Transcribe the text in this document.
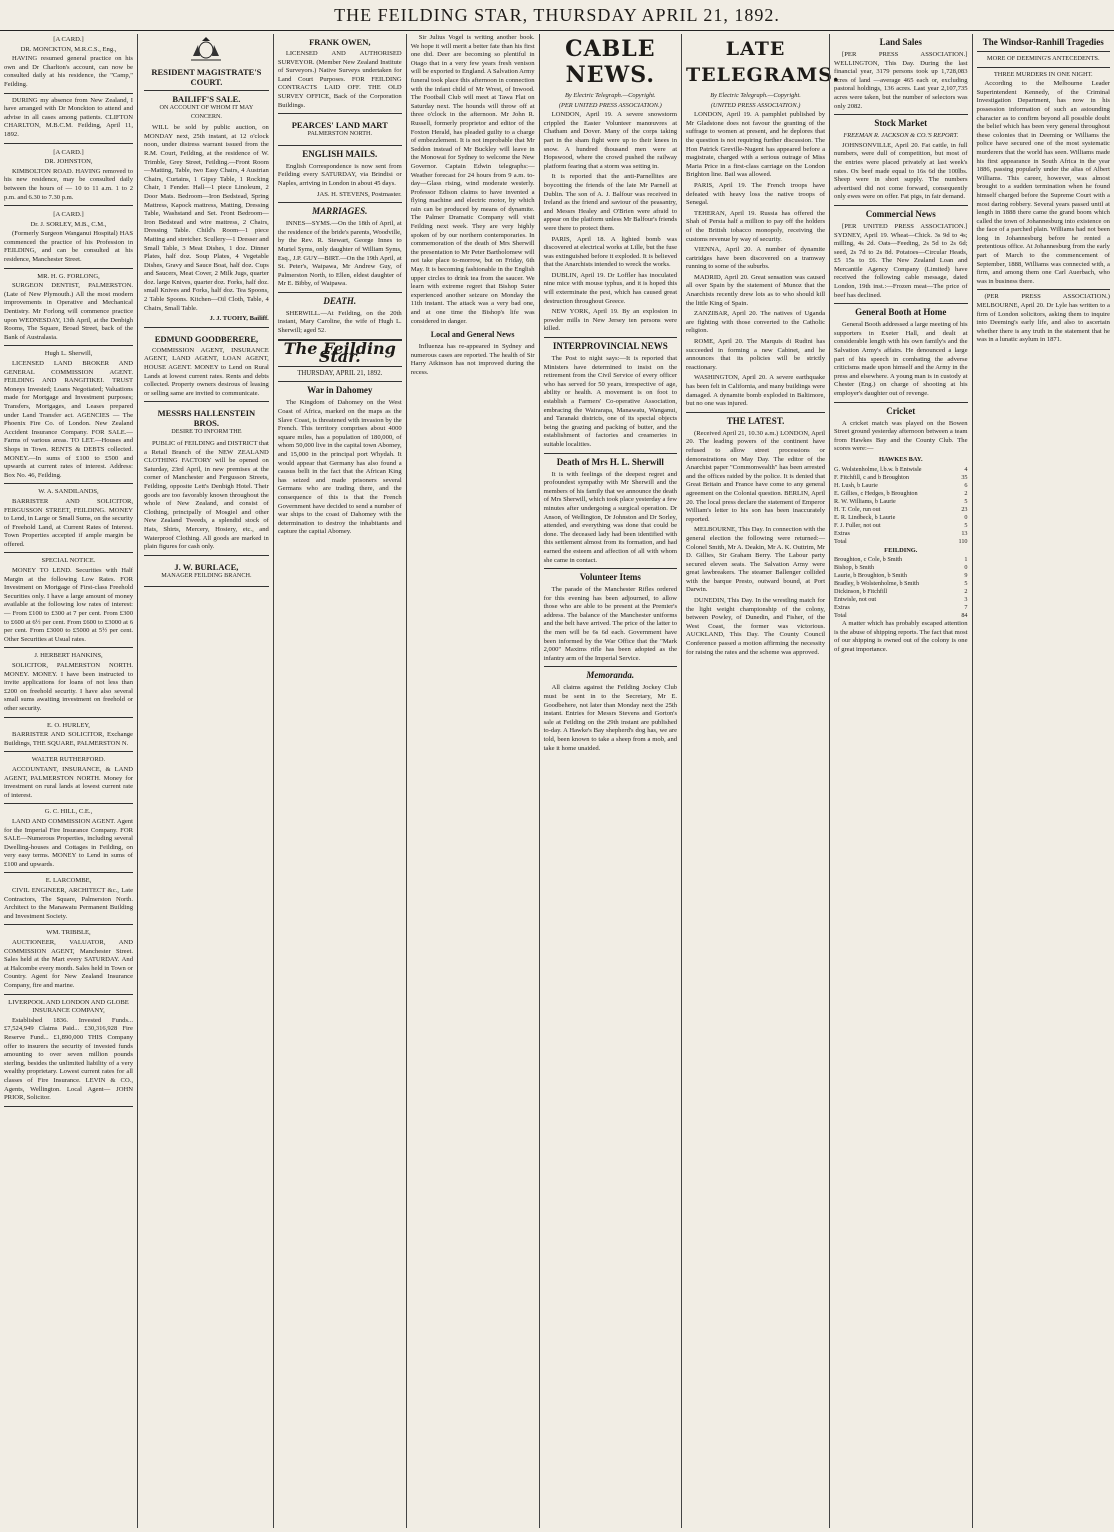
THE FEILDING STAR, THURSDAY APRIL 21, 1892.
[A CARD.]
DR. MONCKTON, M.R.C.S., Eng.,

HAVING resumed general practice on his own and Dr Charlton's account, can now be consulted daily at his residence, the "Camp," Feilding.

DURING my absence from New Zealand, I have arranged with Dr Monckton to attend and advise in all cases among patients. CLIFTON CHARLTON, M.B.C.M. Feilding, April 11, 1892.

[A CARD.]
DR. JOHNSTON,

KIMBOLTON ROAD. HAVING removed to his new residence, may be consulted daily between the hours of — 10 to 11 a.m. 1 to 2 p.m. and 6.30 to 7.30 p.m.

[A CARD.]
Dr. J. SORLEY, M.B., C.M.,

(Formerly Surgeon Wanganui Hospital) HAS commenced the practice of his Profession in FEILDING, and can be consulted at his residence, Manchester Street.

MR. H. G. FORLONG,

SURGEON DENTIST, PALMERSTON. (Late of New Plymouth.) All the most modern improvements in Operative and Mechanical Dentistry. Mr Forlong will commence practice upon WEDNESDAY, 13th April, at the Denbigh Rooms, The Square, Broad Street, back of the Bank of Australasia.

Hugh L. Sherwill,

LICENSED LAND BROKER AND GENERAL COMMISSION AGENT. FEILDING AND RANGITIKEI. TRUST Moneys Invested; Loans Negotiated; Valuations made for Mortgage and Investment purposes; Transfers, Mortgages, and Leases prepared under Land Transfer act. AGENCIES — The Phoenix Fire Co. of London. New Zealand Accident Insurance Company. FOR SALE.—Farms of various areas. TO LET.—Houses and Shops in Town. RENTS & DEBTS collected. MONEY.—In sums of £100 to £500 and upwards at current rates of interest. Address: Box No. 46, Feilding.

W. A. SANDILANDS,

BARRISTER AND SOLICITOR, FERGUSSON STREET, FEILDING. MONEY to Lend, in Large or Small Sums, on the security of Freehold Land, at Current Rates of Interest. Town Properties accepted if ample margin be offered.

SPECIAL NOTICE.

MONEY TO LEND. Securities with Half Margin at the following Low Rates. FOR Investment on Mortgage of First-class Freehold Securities only. I have a large amount of money available at the following low rates of interest:— From £100 to £300 at 7 per cent. From £300 to £600 at 6½ per cent. From £600 to £3000 at 6 per cent. From £3000 to £5000 at 5½ per cent. Other Securities at Usual rates.

J. HERBERT HANKINS,

SOLICITOR, PALMERSTON NORTH. MONEY. MONEY. I have been instructed to invite applications for loans of not less than £200 on freehold security. I have also several small sums awaiting investment on freehold or other security.

E. O. HURLEY,

BARRISTER AND SOLICITOR, Exchange Buildings, THE SQUARE, PALMERSTON N.

WALTER RUTHERFORD.

ACCOUNTANT, INSURANCE, & LAND AGENT, PALMERSTON NORTH. Money for investment on rural lands at lowest current rate of interest.

G. C. HILL, C.E.,

LAND AND COMMISSION AGENT. Agent for the Imperial Fire Insurance Company. FOR SALE—Numerous Properties, including several Dwelling-houses and Cottages in Feilding, on very easy terms. MONEY to Lend in sums of £100 and upwards.

E. LARCOMBE,

CIVIL ENGINEER, ARCHITECT &c., Late Contractors, The Square, Palmerston North. Architect to the Manawatu Permanent Building and Investment Society.

WM. TRIBBLE,

AUCTIONEER, VALUATOR, AND COMMISSION AGENT, Manchester Street. Sales held at the Mart every SATURDAY. And at Halcombe every month. Sales held in Town or Country. Agent for New Zealand Insurance Company, fire and marine.

LIVERPOOL AND LONDON AND GLOBE INSURANCE COMPANY,

Established 1836. Invested Funds... £7,524,949 Claims Paid... £30,316,928 Fire Reserve Fund... £1,890,000 THIS Company offer to insurers the security of invested funds amounting to over seven million pounds sterling, besides the unlimited liability of a very wealthy proprietary. Lowest current rates for all classes of Fire Insurance. LEVIN & CO., Agents, Wellington. Local Agent— JOHN PRIOR, Solicitor.

RESIDENT MAGISTRATE'S COURT.
BAILIFF'S SALE.
ON ACCOUNT OF WHOM IT MAY CONCERN.

WILL be sold by public auction, on MONDAY next, 25th instant, at 12 o'clock noon, under distress warrant issued from the R.M. Court, Feilding, at the residence of W. Trimble, Grey Street, Feilding.—Front Room—Matting, Table, two Easy Chairs, 4 Austrian Chairs, Curtains, 1 Gipsy Table, 1 Rocking Chair, 1 Fender. Hall—1 piece Linoleum, 2 Door Mats. Bedroom—Iron Bedstead, Spring Mattress, Kapock mattress, Matting, Dressing Table, Washstand and Set. Front Bedroom—Iron Bedstead and wire mattress, 2 Chairs, Dressing Table. Child's Room—1 piece Matting and stretcher. Scullery—1 Dresser and Small Table, 3 Meat Dishes, 1 doz. Dinner Plates, half doz. Soup Plates, 4 Vegetable Dishes, Gravy and Sauce Boat, half doz. Cups and Saucers, Meat Cover, 2 Milk Jugs, quarter doz. large Knives, quarter doz. Forks, half doz. small Knives and Forks, half doz. Tea Spoons, 2 Table Spoons. Kitchen—Oil Cloth, Table, 4 Chairs, Small Table.

J. J. TUOHY, Bailiff.
EDMUND GOODBERERE,

COMMISSION AGENT, INSURANCE AGENT, LAND AGENT, LOAN AGENT, HOUSE AGENT. MONEY to Lend on Rural Lands at lowest current rates. Rents and debts collected. Property owners desirous of leasing or selling same are invited to communicate.

MESSRS HALLENSTEIN BROS.
DESIRE TO INFORM THE

PUBLIC of FEILDING and DISTRICT that a Retail Branch of the NEW ZEALAND CLOTHING FACTORY will be opened on Saturday, 23rd April, in new premises at the corner of Manchester and Fergusson Streets, Feilding, opposite Lett's Denbigh Hotel. Their goods are too favorably known throughout the whole of New Zealand, and consist of Clothing, principally of Mosgiel and other New Zealand Tweeds, a splendid stock of Hats, Shirts, Mercery, Hosiery, etc., and Waterproof Clothing. All goods are marked in plain figures for cash only.

J. W. BURLACE,
MANAGER FEILDING BRANCH.
FRANK OWEN,

LICENSED AND AUTHORISED SURVEYOR. (Member New Zealand Institute of Surveyors.) Native Surveys undertaken for Land Court Purposes. FOR FEILDING CONTRACTS LAID OFF. THE OLD SURVEY OFFICE, Back of the Corporation Buildings.

PEARCES' LAND MART
PALMERSTON NORTH.
ENGLISH MAILS.

English Correspondence is now sent from Feilding every SATURDAY, via Brindisi or Naples, arriving in London in about 45 days.

JAS. H. STEVENS, Postmaster.
MARRIAGES.

INNES—SYMS.—On the 18th of April, at the residence of the bride's parents, Woodville, by the Rev. R. Stewart, George Innes to Muriel Syms, only daughter of William Syms, Esq., J.P. GUY—BIRT.—On the 19th April, at St. Peter's, Waipawa, Mr Andrew Guy, of Palmerston North, to Ellen, eldest daughter of Mr E. Bibby, of Waipawa.

DEATH.

SHERWILL.—At Feilding, on the 20th instant, Mary Caroline, the wife of Hugh L. Sherwill; aged 52.

The Feilding Star.
THURSDAY, APRIL 21, 1892.
War in Dahomey

The Kingdom of Dahomey on the West Coast of Africa, marked on the maps as the Slave Coast, is threatened with invasion by the French. This territory comprises about 4000 square miles, has a population of 180,000, of whom 50,000 live in the capital town Abomey, and 15,000 in the principal port Whydah. It would appear that Germany has also found a causus belli in the fact that the African King has seized and made prisoners several Germans who are trading there, and the consequence of this is that the French Government have decided to send a number of war ships to the coast of Dahomey with the determination to destroy the inhabitants and capture the capital Abomey.

Sir Julius Vogel is writing another book. We hope it will merit a better fate than his first one did. Deer are becoming so plentiful in Otago that in a very few years fresh venison will be exported to England. A Salvation Army funeral took place this afternoon in connection with the infant child of Mr Wrest, of Inwood. The Football Club will meet at Tawa Flat on Saturday next. The hounds will throw off at three o'clock in the afternoon. Mr John R. Russell, formerly proprietor and editor of the Foxton Herald, has pleaded guilty to a charge of embezzlement. It is not improbable that Mr Seddon instead of Mr Buckley will leave in the Monowai for Sydney to welcome the New Governor. Captain Edwin telegraphs:—Weather forecast for 24 hours from 9 a.m. to-day—Glass rising, wind moderate westerly. Professor Edison claims to have invented a flying machine and electric motor, by which rain can be produced by means of dynamite. The Palmer Dramatic Company will visit Feilding next week. They are very highly spoken of by our northern contemporaries. In commemoration of the death of Mrs Sherwill the presentation to Mr Peter Bartholomew will not take place to-morrow, but on Friday, 6th May. It is becoming fashionable in the English upper circles to drink tea from the saucer. We learn with extreme regret that Bishop Suter experienced another seizure on Monday the 11th instant. The attack was a very bad one, and at one time the Bishop's life was considered in danger.

Local and General News

Influenza has re-appeared in Sydney and numerous cases are reported. The health of Sir Harry Atkinson has not improved during the recess.

CABLE NEWS.
By Electric Telegraph.—Copyright.
(PER UNITED PRESS ASSOCIATION.)

LONDON, April 19. A severe snowstorm crippled the Easter Volunteer manœuvres at Chatham and Dover. Many of the corps taking part in the sham fight were up to their knees in snow. A hundred thousand men were at Hopswood, where the crowd pushed the railway platform fearing that a storm was setting in.

It is reported that the anti-Parnellites are boycotting the friends of the late Mr Parnell at Dublin. The son of A. J. Balfour was received in Ireland as the friend and saviour of the peasantry, and Messrs Healey and O'Brien were afraid to appear on the platform unless Mr Balfour's friends were there to protect them.

PARIS, April 18. A lighted bomb was discovered at electrical works at Lille, but the fuse was extinguished before it exploded. It is believed that the Anarchists intended to wreck the works.

DUBLIN, April 19. Dr Loffler has inoculated nine mice with mouse typhus, and it is hoped this will exterminate the pest, which has caused great destruction throughout Greece.

NEW YORK, April 19. By an explosion in powder mills in New Jersey ten persons were killed.

INTERPROVINCIAL NEWS

The Post to night says:—It is reported that Ministers have determined to insist on the retirement from the Civil Service of every officer who has served for 50 years, irrespective of age, ability or health. A movement is on foot to establish a Farmers' Co-operative Association, embracing the Wairarapa, Manawatu, Wanganui, and Taranaki districts, one of its special objects being the grazing and packing of butter, and the establishment of factories and creameries in suitable localities.

Death of Mrs H. L. Sherwill

It is with feelings of the deepest regret and profoundest sympathy with Mr Sherwill and the members of his family that we announce the death of Mrs Sherwill, which took place yesterday a few minutes after undergoing a surgical operation. Dr Anson, of Wellington, Dr Johnston and Dr Sorley, attended, and everything was done that could be done. The deceased lady had been identified with this settlement almost from its formation, and had earned the esteem and affection of all with whom she came in contact.

Volunteer Items

The parade of the Manchester Rifles ordered for this evening has been adjourned, to allow those who are able to be present at the Premier's address. The balance of the Manchester uniforms and the belt have arrived. The price of the latter to the men will be 6s 6d each. Government have been informed by the War Office that the "Mark 2,000" Maxims rifle has been adopted as the infantry arm of the Imperial Service.

Memoranda.

All claims against the Feilding Jockey Club must be sent in to the Secretary, Mr E. Goodbehere, not later than Monday next the 25th instant. Entries for Messrs Stevens and Gorton's sale at Feilding on the 29th instant are published to-day. A Hawke's Bay shepherd's dog has, we are told, been known to take a sheep from a mob, and take it home unaided.

LATE TELEGRAMS.
By Electric Telegraph.—Copyright.
(UNITED PRESS ASSOCIATION.)

LONDON, April 19. A pamphlet published by Mr Gladstone does not favour the granting of the suffrage to women at present, and he deplores that the question is not requiring further discussion. The Hon Patrick Greville-Nugent has appeared before a magistrate, charged with a serious outrage of Miss Maria Price in a first-class carriage on the London Brighton line. Bail was allowed.

PARIS, April 19. The French troops have defeated with heavy loss the native troops of Senegal.

TEHERAN, April 19. Russia has offered the Shah of Persia half a million to pay off the holders of the British tobacco monopoly, receiving the customs revenue by way of security.

VIENNA, April 20. A number of dynamite cartridges have been discovered on a tramway running to some of the suburbs.

MADRID, April 20. Great sensation was caused all over Spain by the statement of Munoz that the Anarchists recently drew lots as to who should kill the little King of Spain.

ZANZIBAR, April 20. The natives of Uganda are fighting with those converted to the Catholic religion.

ROME, April 20. The Marquis di Rudini has succeeded in forming a new Cabinet, and he announces that its policies will be strictly reactionary.

WASHINGTON, April 20. A severe earthquake has been felt in California, and many buildings were damaged. A dynamite bomb exploded in Baltimore, but no one was injured.

THE LATEST.

(Received April 21, 10.30 a.m.) LONDON, April 20. The leading powers of the continent have refused to allow street processions or demonstrations on May Day. The editor of the Anarchist paper "Commonwealth" has been arrested and the offices raided by the police. It is denied that Great Britain and France have come to any general agreement on the Colonial question. BERLIN, April 20. The local press declare the statement of Emperor William's letter to his son has been inaccurately reported.

MELBOURNE, This Day. In connection with the general election the following were returned:—Colonel Smith, Mr A. Deakin, Mr A. K. Outtrim, Mr D. Gillies, Sir Graham Berry. The Labour party secured eleven seats. The Salvation Army were great lawbreakers. The steamer Ballenger collided with the barque Presto, outward bound, at Port Darwin.

DUNEDIN, This Day. In the wrestling match for the light weight championship of the colony, between Powley, of Dunedin, and Fisher, of the West Coast, the former was victorious. AUCKLAND, This Day. The County Council Conference passed a motion affirming the necessity for raising the rates and the scheme was approved.

Land Sales

[PER PRESS ASSOCIATION.] WELLINGTON, This Day. During the last financial year, 3179 persons took up 1,728,083 acres of land —average 465 each or, excluding pastoral holdings, 136 acres. Last year 2,107,735 acres were taken, but the number of selectors was only 2082.

Stock Market
FREEMAN R. JACKSON & CO.'S REPORT.

JOHNSONVILLE, April 20. Fat cattle, in full numbers, were dull of competition, but most of the entries were placed privately at last week's rates. Ox beef made equal to 16s 6d the 100lbs. Sheep were in short supply. The numbers advertised did not come forward, consequently only ewes were on offer. Fat pigs, in fair demand.

Commercial News

[PER UNITED PRESS ASSOCIATION.] SYDNEY, April 19. Wheat—Chick. 3s 9d to 4s; milling, 4s 2d. Oats—Feeding, 2s 5d to 2s 6d; seed, 2s 7d to 2s 8d. Potatoes—Circular Heads, £5 15s to £6. The New Zealand Loan and Mercantile Agency Company (Limited) have received the following cable message, dated London, 19th inst.:—Frozen meat—The price of beef has declined.

General Booth at Home

General Booth addressed a large meeting of his supporters in Exeter Hall, and dealt at considerable length with his own family's and the Salvation Army's affairs. He denounced a large part of his speech in combating the adverse criticisms made upon himself and the Army in the press and elsewhere. A young man is in custody at Chester (Eng.) on charge of shooting at his employer's daughter out of revenge.

Cricket

A cricket match was played on the Bowen Street ground yesterday afternoon between a team from Hawkes Bay and the County Club. The scores were:—

HAWKES BAY.
G. Wolstenholme, l.b.w. b Entwisle	4
F. Fitchfill, c and b Broughton	35
H. Lush, b Laurie	6
E. Gillies, c Hedges, b Broughton	2
R. W. Williams, b Laurie	5
H. T. Cole, run out	23
E. R. Lindbeck, b Laurie	0
F. J. Fuller, not out	5
Extras	13
Total	110
FEILDING.
Broughton, c Cole, b Smith	1
Bishop, b Smith	0
Laurie, b Broughton, b Smith	9
Bradley, b Wolstenholme, b Smith	5
Dickinson, b Fitchfill	2
Entwisle, not out	3
Extras	7
Total	84

A matter which has probably escaped attention is the abuse of shipping reports. The fact that most of our shipping is owned out of the colony is one of great importance.

The Windsor-Ranhill Tragedies
MORE OF DEEMING'S ANTECEDENTS.
THREE MURDERS IN ONE NIGHT.

According to the Melbourne Leader Superintendent Kennedy, of the Criminal Investigation Department, has now in his possession information of such an astounding character as to confirm beyond all possible doubt the belief which has been very general throughout these colonies that in Deeming or Williams the police have secured one of the most systematic murderers that the world has seen. Williams made his first appearance in South Africa in the year 1886, passing popularly under the alias of Albert Williams. This career, however, was almost brought to a sudden termination when he found himself charged before the Supreme Court with a most daring robbery. Several years passed until at length in 1888 there came the grand boom which called the town of Johannesburg into existence on the face of a parched plain. Williams had not been long in Johannesburg before he rented a pretentious office. At Johannesburg from the early part of March to the commencement of September, 1888, Williams was connected with, a firm, and among them one Carl Auerbach, who was in business there.

(PER PRESS ASSOCIATION.) MELBOURNE, April 20. Dr Lyle has written to a firm of London solicitors, asking them to inquire into Deeming's early life, and also to ascertain whether there is any truth in the statement that he was in a lunatic asylum in 1871.
